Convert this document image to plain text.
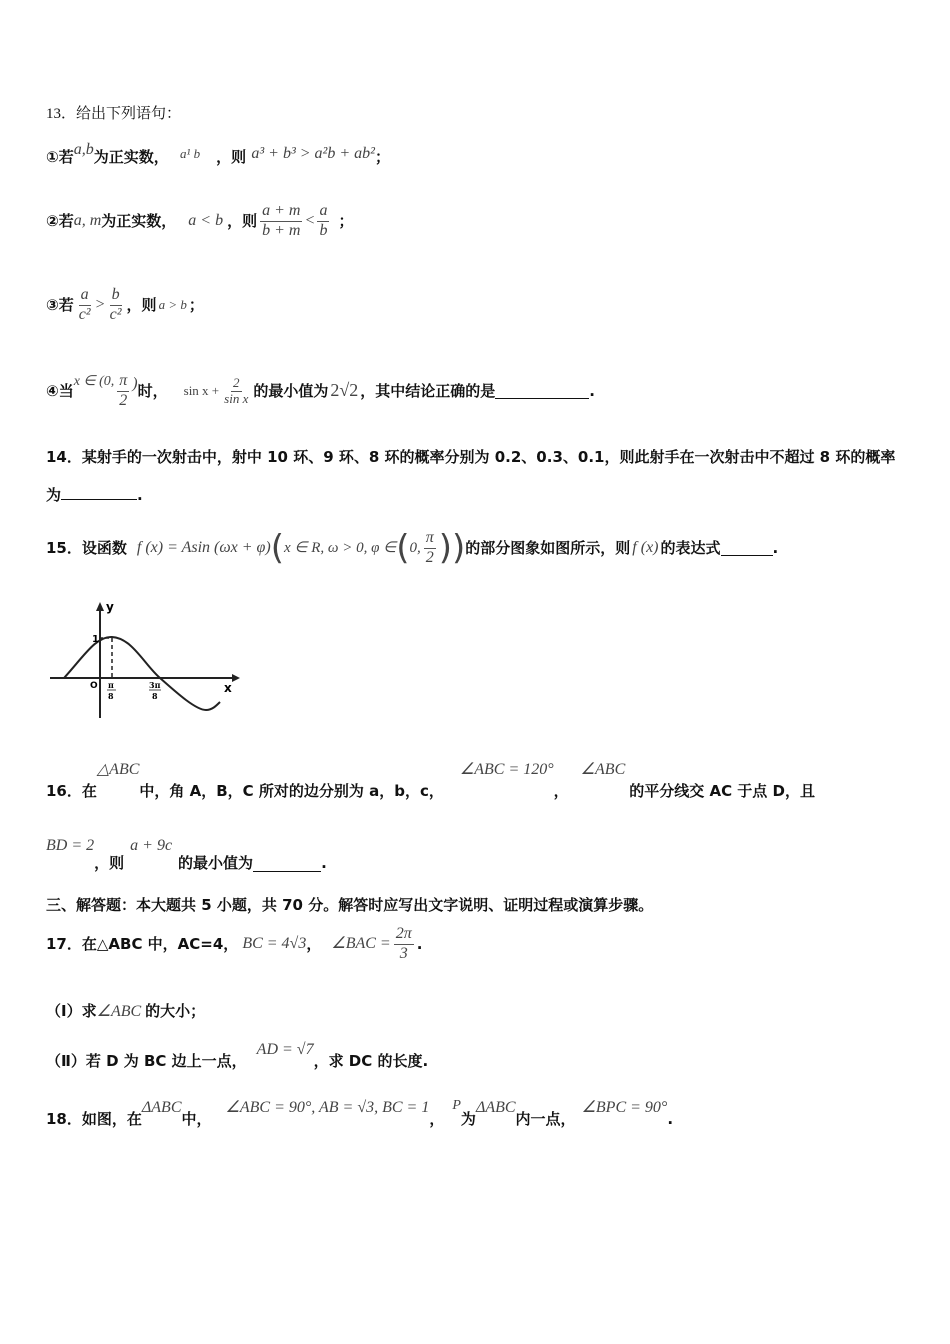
13．给出下列语句：
①若a,b为正实数， a¹ b ，则 a³ + b³ > a²b + ab²；
②若 a, m 为正实数， a < b ，则 $\frac{a + m}{b + m} < \frac{a}{b}$ ；
③若 $\frac{a}{\text{c²}} > \frac{b}{\text{c²}}$ ，则 a > b ；
④当
x ∈ (0, $\frac{\pi}{2}$ ) 时， $\sin x + \frac{2}{\text{sin x}}$ 的最小值为 2√2 ，其中结论正确的是	.
14．某射手的一次射击中，射中 10 环、9 环、8 环的概率分别为 0.2、0.3、0.1，则此射手在一次射击中不超过 8 环的概率
为	.
15．设函数 f (x) = Asin (ωx + φ) ( x ∈ R, ω > 0, φ ∈ ( 0, $\frac{\pi}{2}$ ) ) 的部分图象如图所示，则 f (x) 的表达式	.
y
x
1
O π
8
3π
8
16．在
△ABC
中，角 A，B，C 所对的边分别为 a，b，c，
∠ABC = 120°
，
∠ABC
的平分线交 AC 于点 D，且
BD = 2
，则
a + 9c
的最小值为	.
三、解答题：本大题共 5 小题，共 70 分。解答时应写出文字说明、证明过程或演算步骤。
17．在△ABC 中，AC=4， BC = 4√3 ， ∠BAC = $\frac{2\pi}{3}$ .
（Ⅰ）求∠ABC 的大小；
（Ⅱ）若 D 为 BC 边上一点，
AD = √7
，求 DC 的长度.
18．如图，在
ΔABC
中，
∠ABC = 90°, AB = √3, BC = 1
，
P
为
ΔABC
内一点，
∠BPC = 90°
.
